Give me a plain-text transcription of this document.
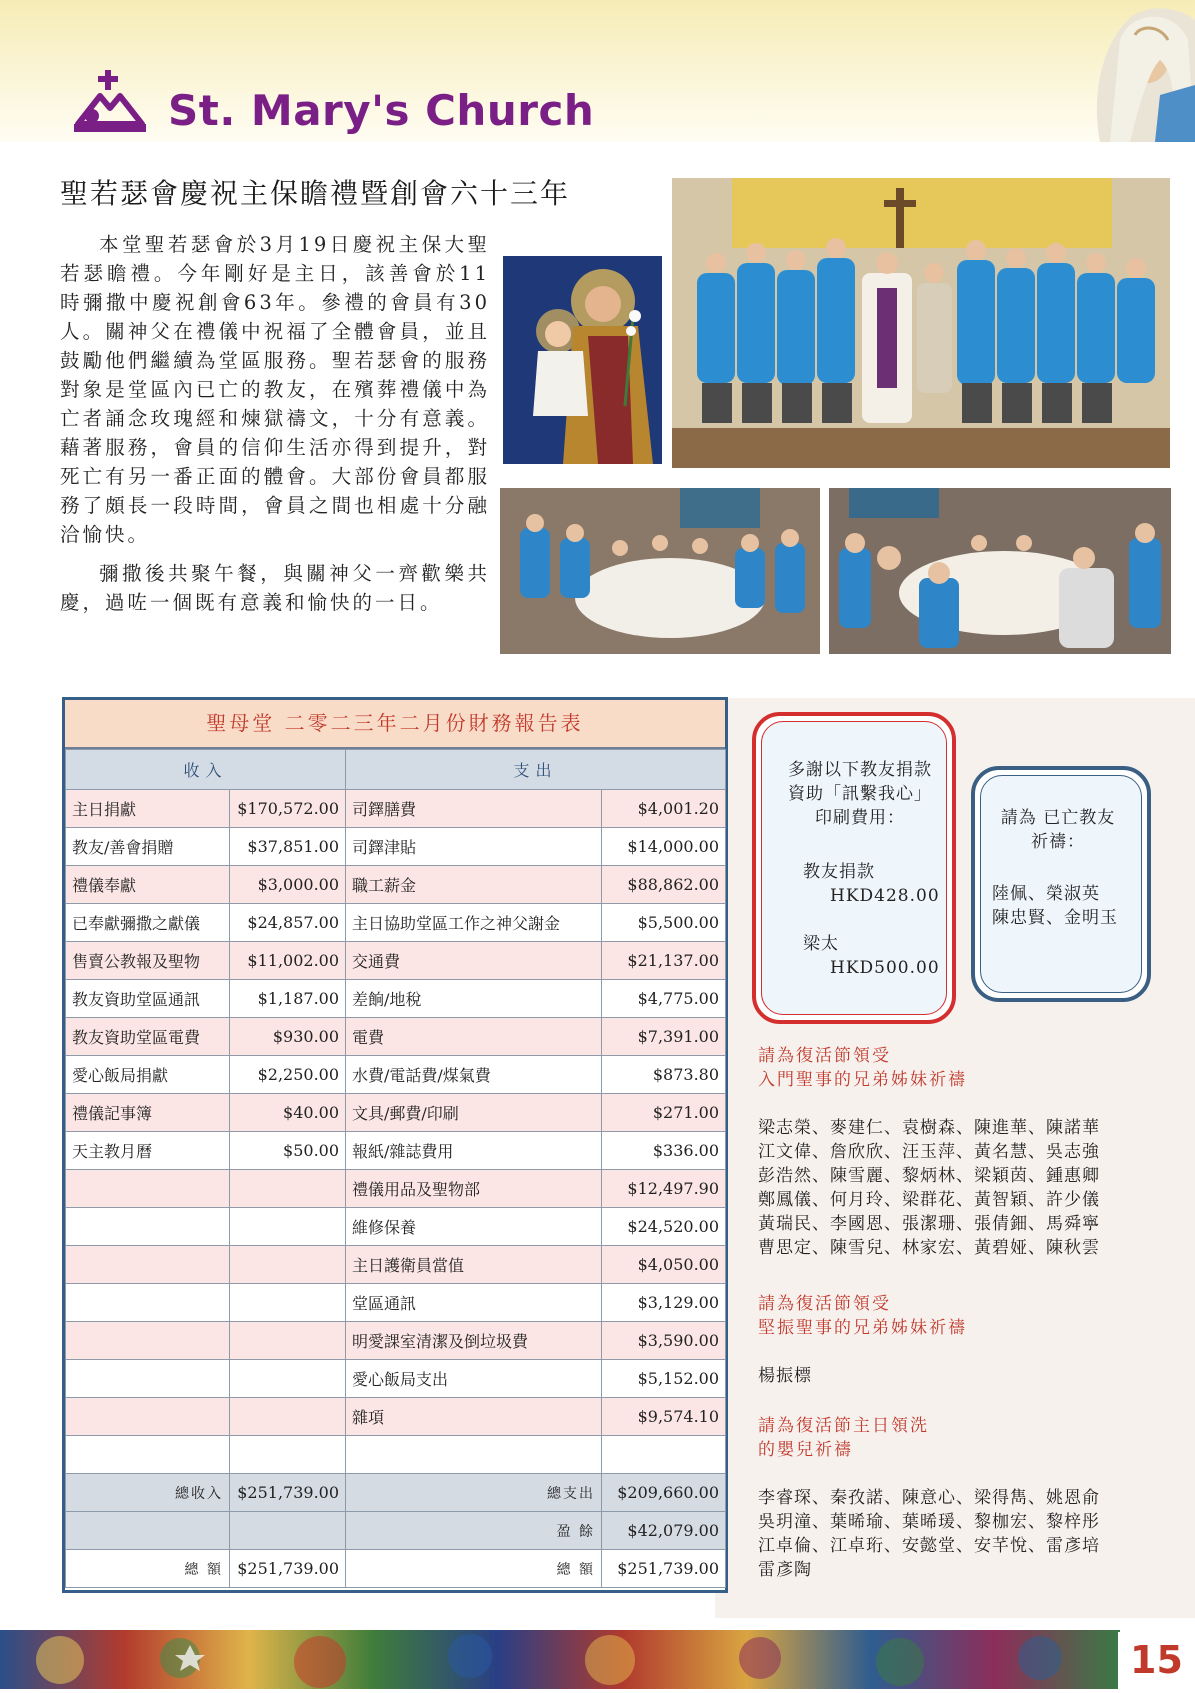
St. Mary's Church
聖若瑟會慶祝主保瞻禮暨創會六十三年

本堂聖若瑟會於3月19日慶祝主保大聖若瑟瞻禮。今年剛好是主日，該善會於11時彌撒中慶祝創會63年。參禮的會員有30人。關神父在禮儀中祝福了全體會員，並且鼓勵他們繼續為堂區服務。聖若瑟會的服務對象是堂區內已亡的教友，在殯葬禮儀中為亡者誦念玫瑰經和煉獄禱文，十分有意義。藉著服務，會員的信仰生活亦得到提升，對死亡有另一番正面的體會。大部份會員都服務了頗長一段時間，會員之間也相處十分融洽愉快。

彌撒後共聚午餐，與關神父一齊歡樂共慶，過咗一個既有意義和愉快的一日。

聖母堂 二零二三年二月份財務報告表
收入		支出	
主日捐獻	$170,572.00	司鐸膳費	$4,001.20
教友/善會捐贈	$37,851.00	司鐸津貼	$14,000.00
禮儀奉獻	$3,000.00	職工薪金	$88,862.00
已奉獻彌撒之獻儀	$24,857.00	主日協助堂區工作之神父謝金	$5,500.00
售賣公教報及聖物	$11,002.00	交通費	$21,137.00
教友資助堂區通訊	$1,187.00	差餉/地稅	$4,775.00
教友資助堂區電費	$930.00	電費	$7,391.00
愛心飯局捐獻	$2,250.00	水費/電話費/煤氣費	$873.80
禮儀記事簿	$40.00	文具/郵費/印刷	$271.00
天主教月曆	$50.00	報紙/雜誌費用	$336.00
		禮儀用品及聖物部	$12,497.90
		維修保養	$24,520.00
		主日護衛員當值	$4,050.00
		堂區通訊	$3,129.00
		明愛課室清潔及倒垃圾費	$3,590.00
		愛心飯局支出	$5,152.00
		雜項	$9,574.10

總收入	$251,739.00	總支出	$209,660.00
		盈 餘	$42,079.00
總 額	$251,739.00	總 額	$251,739.00
多謝以下教友捐款
資助「訊繫我心」
印刷費用：
教友捐款
HKD428.00
梁太
HKD500.00
請為 已亡教友
祈禱：
陸佩、榮淑英
陳忠賢、金明玉
請為復活節領受
入門聖事的兄弟姊妹祈禱
梁志榮、麥建仁、袁樹森、陳進華、陳諾華
江文偉、詹欣欣、汪玉萍、黃名慧、吳志強
彭浩然、陳雪麗、黎炳林、梁穎茵、鍾惠卿
鄭鳳儀、何月玲、梁群花、黃智穎、許少儀
黃瑞民、李國恩、張潔珊、張倩鈿、馬舜寧
曹思定、陳雪兒、林家宏、黃碧娅、陳秋雲
請為復活節領受
堅振聖事的兄弟姊妹祈禱
楊振標
請為復活節主日領洗
的嬰兒祈禱
李睿琛、秦孜諾、陳意心、梁得雋、姚恩俞
吳玥潼、葉晞瑜、葉晞瑗、黎枷宏、黎梓彤
江卓倫、江卓珩、安懿堂、安芊悅、雷彥培
雷彥陶
15
